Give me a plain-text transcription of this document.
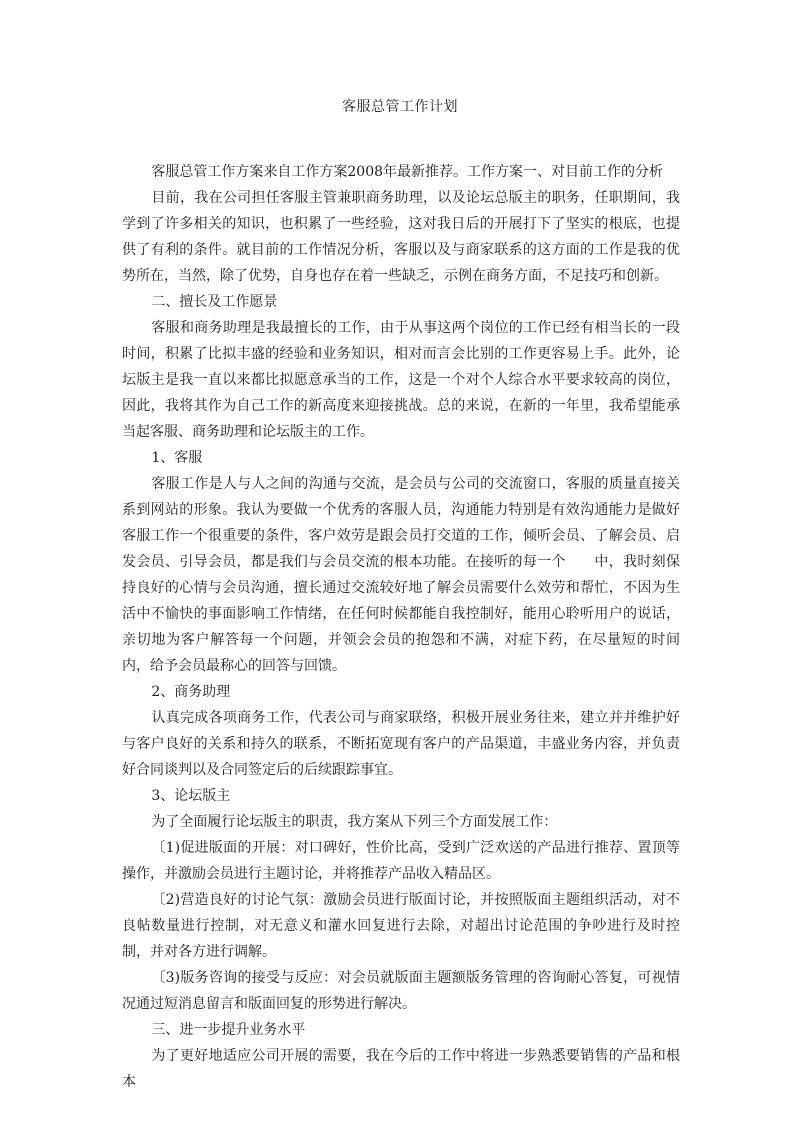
客服总管工作计划

客服总管工作方案来自工作方案2008年最新推荐。工作方案一、对目前工作的分析

目前，我在公司担任客服主管兼职商务助理，以及论坛总版主的职务，任职期间，我学到了许多相关的知识，也积累了一些经验，这对我日后的开展打下了坚实的根底，也提供了有利的条件。就目前的工作情况分析，客服以及与商家联系的这方面的工作是我的优势所在，当然，除了优势，自身也存在着一些缺乏，示例在商务方面，不足技巧和创新。

二、擅长及工作愿景

客服和商务助理是我最擅长的工作，由于从事这两个岗位的工作已经有相当长的一段时间，积累了比拟丰盛的经验和业务知识，相对而言会比别的工作更容易上手。此外，论坛版主是我一直以来都比拟愿意承当的工作，这是一个对个人综合水平要求较高的岗位，因此，我将其作为自己工作的新高度来迎接挑战。总的来说，在新的一年里，我希望能承当起客服、商务助理和论坛版主的工作。

1、客服

客服工作是人与人之间的沟通与交流，是会员与公司的交流窗口，客服的质量直接关系到网站的形象。我认为要做一个优秀的客服人员，沟通能力特别是有效沟通能力是做好客服工作一个很重要的条件，客户效劳是跟会员打交道的工作，倾听会员、了解会员、启发会员、引导会员，都是我们与会员交流的根本功能。在接听的每一个　　中，我时刻保持良好的心情与会员沟通，擅长通过交流较好地了解会员需要什么效劳和帮忙，不因为生活中不愉快的事面影响工作情绪，在任何时候都能自我控制好，能用心聆听用户的说话，亲切地为客户解答每一个问题，并领会会员的抱怨和不满，对症下药，在尽量短的时间内，给予会员最称心的回答与回馈。

2、商务助理

认真完成各项商务工作，代表公司与商家联络，积极开展业务往来，建立并并维护好与客户良好的关系和持久的联系，不断拓宽现有客户的产品渠道，丰盛业务内容，并负责好合同谈判以及合同签定后的后续跟踪事宜。

3、论坛版主

为了全面履行论坛版主的职责，我方案从下列三个方面发展工作：

〔1)促进版面的开展：对口碑好，性价比高，受到广泛欢送的产品进行推荐、置顶等操作，并激励会员进行主题讨论，并将推荐产品收入精品区。

〔2)营造良好的讨论气氛：激励会员进行版面讨论，并按照版面主题组织活动，对不良帖数量进行控制，对无意义和灌水回复进行去除，对超出讨论范围的争吵进行及时控制，并对各方进行调解。

〔3)版务咨询的接受与反应：对会员就版面主题额版务管理的咨询耐心答复，可视情况通过短消息留言和版面回复的形势进行解决。

三、进一步提升业务水平

为了更好地适应公司开展的需要，我在今后的工作中将进一步熟悉要销售的产品和根本
